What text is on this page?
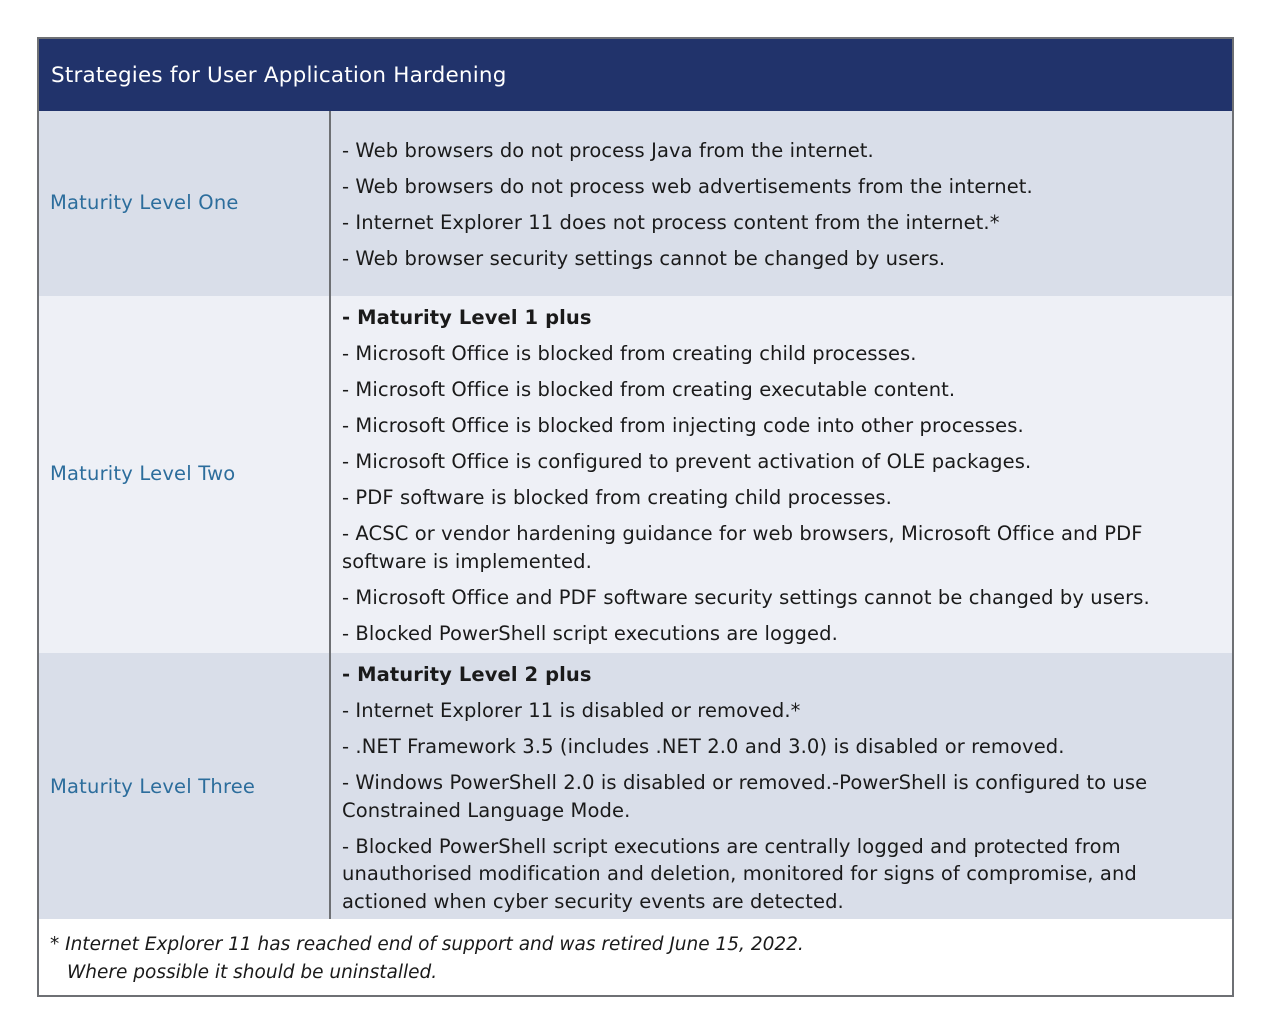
Strategies for User Application Hardening
Maturity Level One

- Web browsers do not process Java from the internet.

- Web browsers do not process web advertisements from the internet.

- Internet Explorer 11 does not process content from the internet.*

- Web browser security settings cannot be changed by users.

Maturity Level Two

- Maturity Level 1 plus

- Microsoft Office is blocked from creating child processes.

- Microsoft Office is blocked from creating executable content.

- Microsoft Office is blocked from injecting code into other processes.

- Microsoft Office is configured to prevent activation of OLE packages.

- PDF software is blocked from creating child processes.

- ACSC or vendor hardening guidance for web browsers, Microsoft Office and PDF software is implemented.

- Microsoft Office and PDF software security settings cannot be changed by users.

- Blocked PowerShell script executions are logged.

Maturity Level Three

- Maturity Level 2 plus

- Internet Explorer 11 is disabled or removed.*

- .NET Framework 3.5 (includes .NET 2.0 and 3.0) is disabled or removed.

- Windows PowerShell 2.0 is disabled or removed.-PowerShell is configured to use Constrained Language Mode.

- Blocked PowerShell script executions are centrally logged and protected from unauthorised modification and deletion, monitored for signs of compromise, and actioned when cyber security events are detected.

* Internet Explorer 11 has reached end of support and was retired June 15, 2022.
Where possible it should be uninstalled.
